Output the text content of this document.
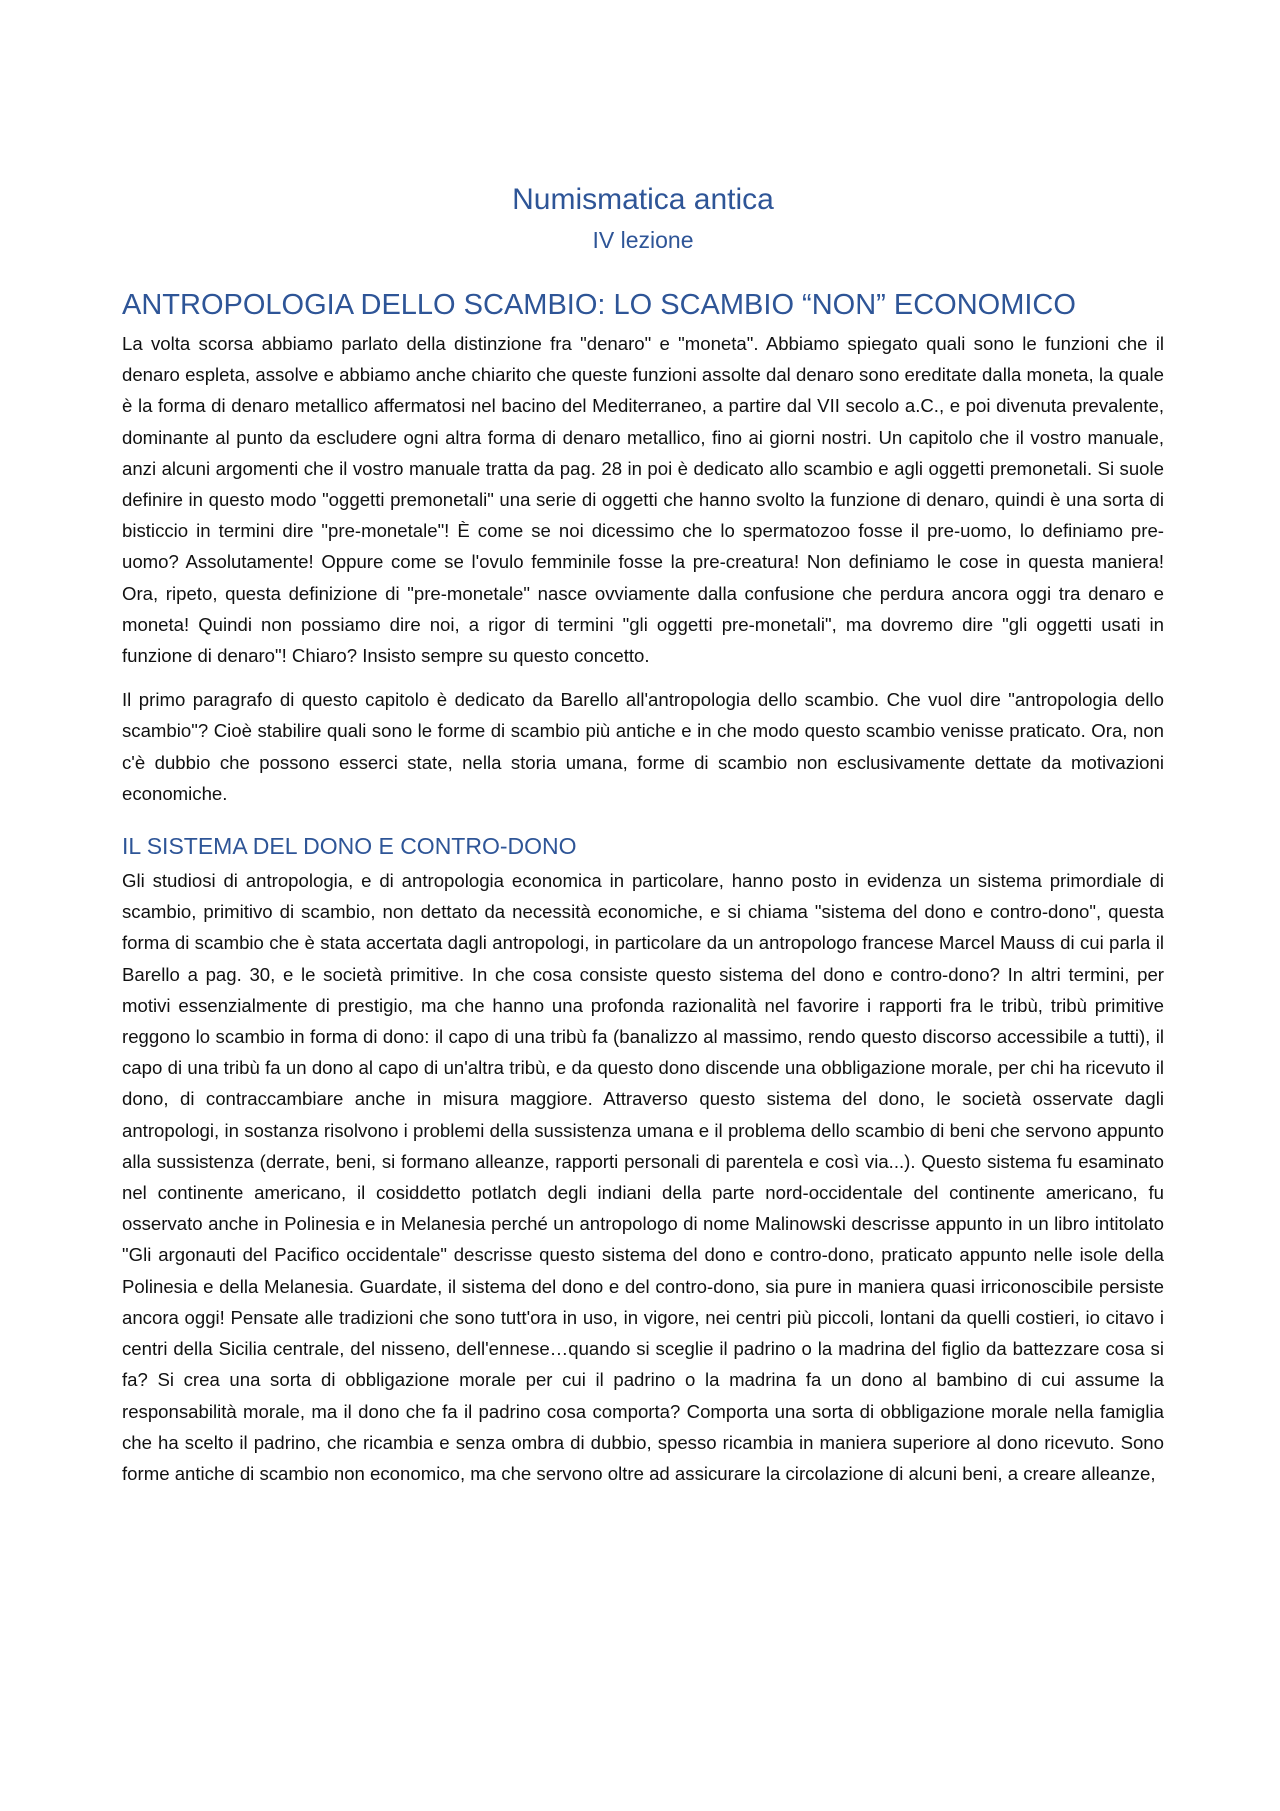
Numismatica antica
IV lezione
ANTROPOLOGIA DELLO SCAMBIO: LO SCAMBIO “NON” ECONOMICO

La volta scorsa abbiamo parlato della distinzione fra "denaro" e "moneta". Abbiamo spiegato quali sono le funzioni che il denaro espleta, assolve e abbiamo anche chiarito che queste funzioni assolte dal denaro sono ereditate dalla moneta, la quale è la forma di denaro metallico affermatosi nel bacino del Mediterraneo, a partire dal VII secolo a.C., e poi divenuta prevalente, dominante al punto da escludere ogni altra forma di denaro metallico, fino ai giorni nostri. Un capitolo che il vostro manuale, anzi alcuni argomenti che il vostro manuale tratta da pag. 28 in poi è dedicato allo scambio e agli oggetti premonetali. Si suole definire in questo modo "oggetti premonetali" una serie di oggetti che hanno svolto la funzione di denaro, quindi è una sorta di bisticcio in termini dire "pre-monetale"! È come se noi dicessimo che lo spermatozoo fosse il pre-uomo, lo definiamo pre-uomo? Assolutamente! Oppure come se l'ovulo femminile fosse la pre-creatura! Non definiamo le cose in questa maniera! Ora, ripeto, questa definizione di "pre-monetale" nasce ovviamente dalla confusione che perdura ancora oggi tra denaro e moneta! Quindi non possiamo dire noi, a rigor di termini "gli oggetti pre-monetali", ma dovremo dire "gli oggetti usati in funzione di denaro"! Chiaro? Insisto sempre su questo concetto.

Il primo paragrafo di questo capitolo è dedicato da Barello all'antropologia dello scambio. Che vuol dire "antropologia dello scambio"? Cioè stabilire quali sono le forme di scambio più antiche e in che modo questo scambio venisse praticato. Ora, non c'è dubbio che possono esserci state, nella storia umana, forme di scambio non esclusivamente dettate da motivazioni economiche.

IL SISTEMA DEL DONO E CONTRO-DONO

Gli studiosi di antropologia, e di antropologia economica in particolare, hanno posto in evidenza un sistema primordiale di scambio, primitivo di scambio, non dettato da necessità economiche, e si chiama "sistema del dono e contro-dono", questa forma di scambio che è stata accertata dagli antropologi, in particolare da un antropologo francese Marcel Mauss di cui parla il Barello a pag. 30, e le società primitive. In che cosa consiste questo sistema del dono e contro-dono? In altri termini, per motivi essenzialmente di prestigio, ma che hanno una profonda razionalità nel favorire i rapporti fra le tribù, tribù primitive reggono lo scambio in forma di dono: il capo di una tribù fa (banalizzo al massimo, rendo questo discorso accessibile a tutti), il capo di una tribù fa un dono al capo di un'altra tribù, e da questo dono discende una obbligazione morale, per chi ha ricevuto il dono, di contraccambiare anche in misura maggiore. Attraverso questo sistema del dono, le società osservate dagli antropologi, in sostanza risolvono i problemi della sussistenza umana e il problema dello scambio di beni che servono appunto alla sussistenza (derrate, beni, si formano alleanze, rapporti personali di parentela e così via...). Questo sistema fu esaminato nel continente americano, il cosiddetto potlatch degli indiani della parte nord-occidentale del continente americano, fu osservato anche in Polinesia e in Melanesia perché un antropologo di nome Malinowski descrisse appunto in un libro intitolato "Gli argonauti del Pacifico occidentale" descrisse questo sistema del dono e contro-dono, praticato appunto nelle isole della Polinesia e della Melanesia. Guardate, il sistema del dono e del contro-dono, sia pure in maniera quasi irriconoscibile persiste ancora oggi! Pensate alle tradizioni che sono tutt'ora in uso, in vigore, nei centri più piccoli, lontani da quelli costieri, io citavo i centri della Sicilia centrale, del nisseno, dell'ennese…quando si sceglie il padrino o la madrina del figlio da battezzare cosa si fa? Si crea una sorta di obbligazione morale per cui il padrino o la madrina fa un dono al bambino di cui assume la responsabilità morale, ma il dono che fa il padrino cosa comporta? Comporta una sorta di obbligazione morale nella famiglia che ha scelto il padrino, che ricambia e senza ombra di dubbio, spesso ricambia in maniera superiore al dono ricevuto. Sono forme antiche di scambio non economico, ma che servono oltre ad assicurare la circolazione di alcuni beni, a creare alleanze,
